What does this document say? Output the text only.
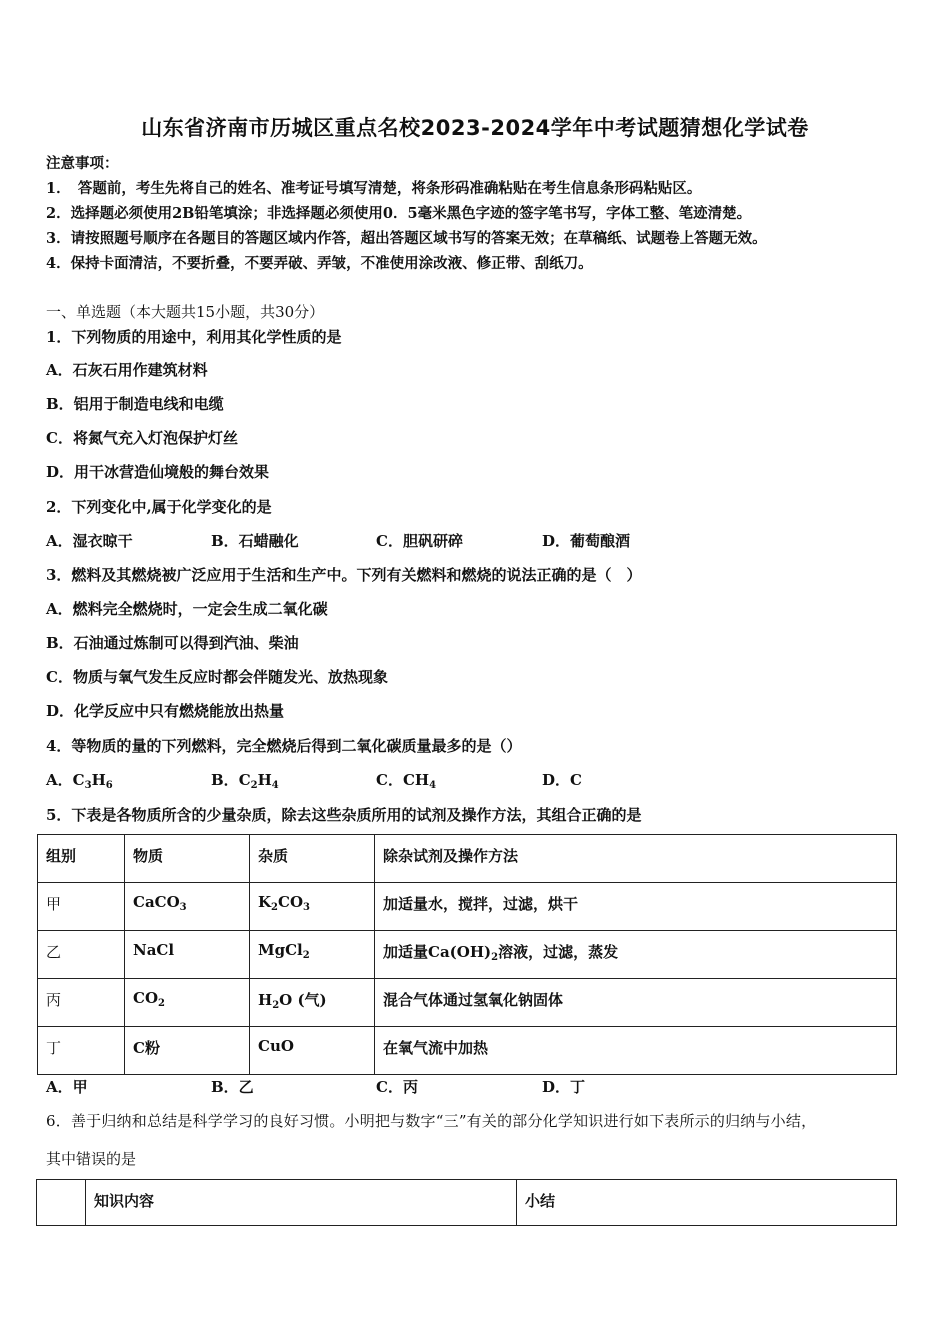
山东省济南市历城区重点名校2023-2024学年中考试题猜想化学试卷
注意事项：
1．　答题前，考生先将自己的姓名、准考证号填写清楚，将条形码准确粘贴在考生信息条形码粘贴区。
2．选择题必须使用2B铅笔填涂；非选择题必须使用0．5毫米黑色字迹的签字笔书写，字体工整、笔迹清楚。
3．请按照题号顺序在各题目的答题区域内作答，超出答题区域书写的答案无效；在草稿纸、试题卷上答题无效。
4．保持卡面清洁，不要折叠，不要弄破、弄皱，不准使用涂改液、修正带、刮纸刀。
一、单选题（本大题共15小题，共30分）
1．下列物质的用途中，利用其化学性质的是
A．石灰石用作建筑材料
B．铝用于制造电线和电缆
C．将氮气充入灯泡保护灯丝
D．用干冰营造仙境般的舞台效果
2．下列变化中,属于化学变化的是
A．湿衣晾干	B．石蜡融化	C．胆矾研碎	D．葡萄酿酒
3．燃料及其燃烧被广泛应用于生活和生产中。下列有关燃料和燃烧的说法正确的是（　）
A．燃料完全燃烧时，一定会生成二氧化碳
B．石油通过炼制可以得到汽油、柴油
C．物质与氧气发生反应时都会伴随发光、放热现象
D．化学反应中只有燃烧能放出热量
4．等物质的量的下列燃料，完全燃烧后得到二氧化碳质量最多的是（）
A．$C_3H_6$	B．$C_2H_4$	C．$CH_4$	D．C
5．下表是各物质所含的少量杂质，除去这些杂质所用的试剂及操作方法，其组合正确的是
组别	物质	杂质	除杂试剂及操作方法
甲	CaCO$_3$	$K_2CO_3$	加适量水，搅拌，过滤，烘干
乙	NaCl	MgCl$_2$	加适量$Ca(OH)_2$溶液，过滤，蒸发
丙	$CO_2$	$H_2O$ (气)	混合气体通过氢氧化钠固体
丁	C粉	CuO	在氧气流中加热
A．甲	B．乙	C．丙	D．丁
6．善于归纳和总结是科学学习的良好习惯。小明把与数字“三”有关的部分化学知识进行如下表所示的归纳与小结，
其中错误的是
	知识内容	小结
